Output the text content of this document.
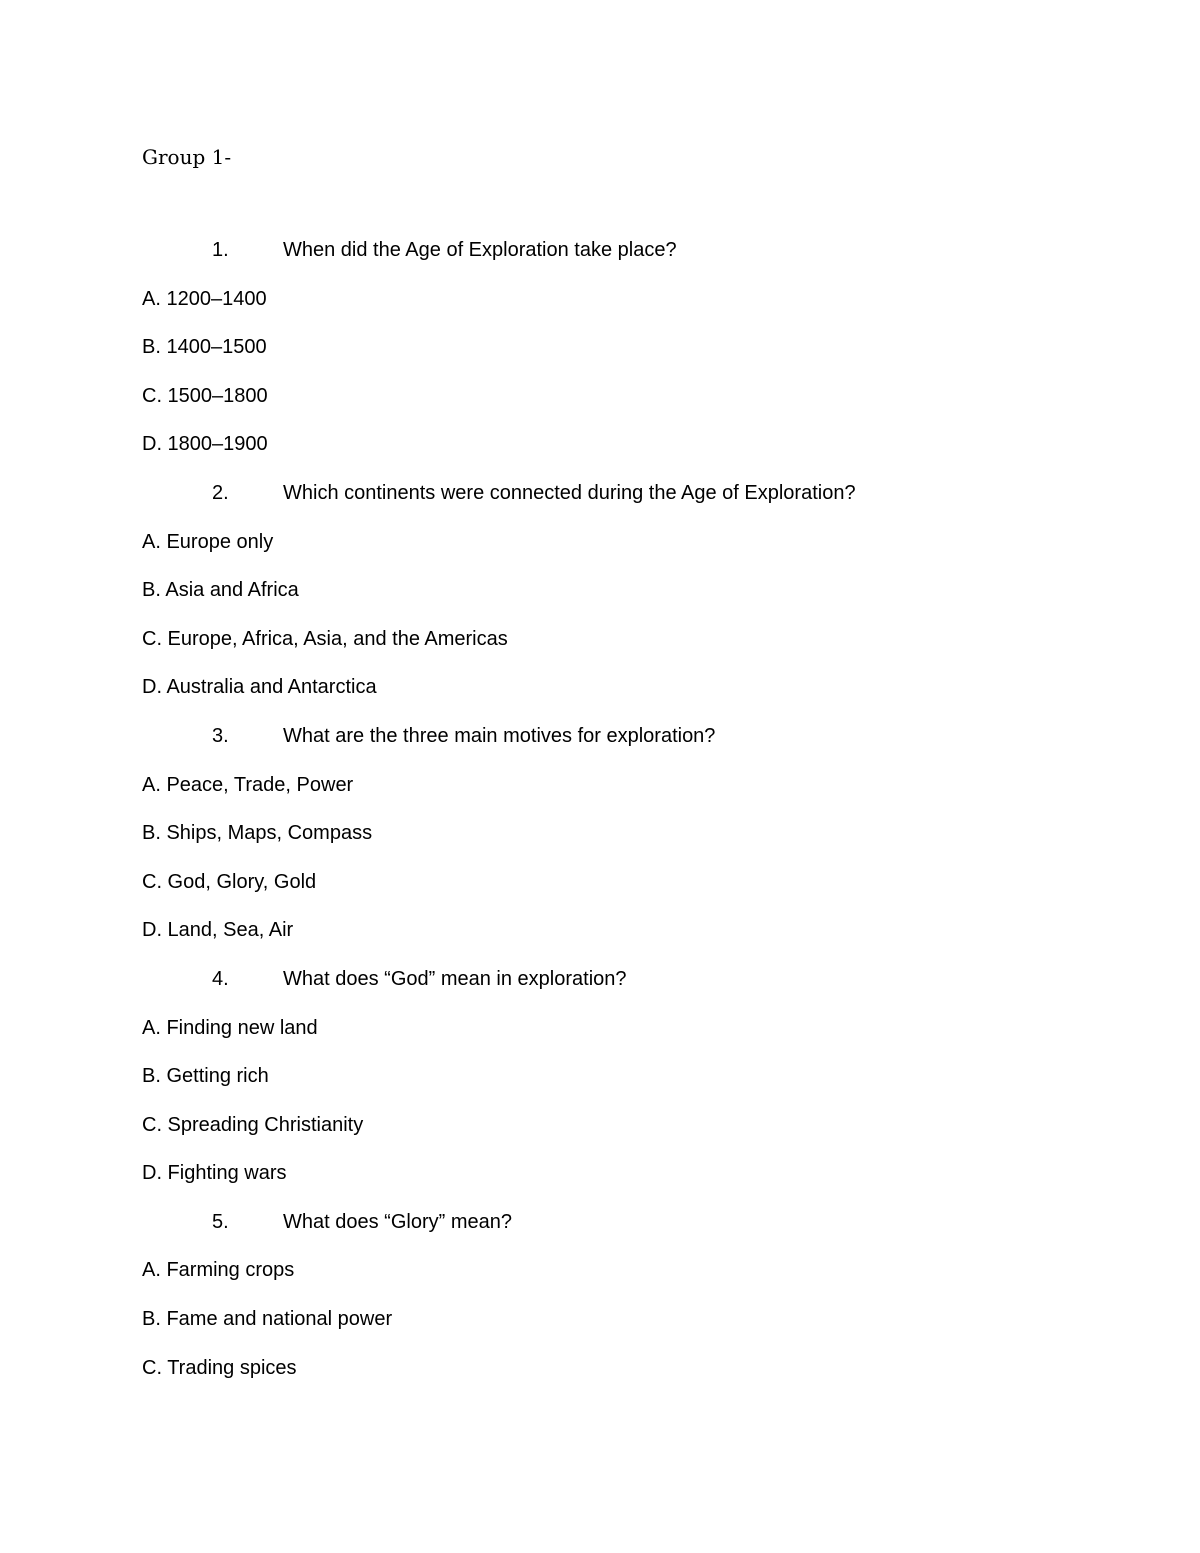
Group 1-
1.	When did the Age of Exploration take place?
A. 1200–1400
B. 1400–1500
C. 1500–1800
D. 1800–1900
2.	Which continents were connected during the Age of Exploration?
A. Europe only
B. Asia and Africa
C. Europe, Africa, Asia, and the Americas
D. Australia and Antarctica
3.	What are the three main motives for exploration?
A. Peace, Trade, Power
B. Ships, Maps, Compass
C. God, Glory, Gold
D. Land, Sea, Air
4.	What does “God” mean in exploration?
A. Finding new land
B. Getting rich
C. Spreading Christianity
D. Fighting wars
5.	What does “Glory” mean?
A. Farming crops
B. Fame and national power
C. Trading spices
